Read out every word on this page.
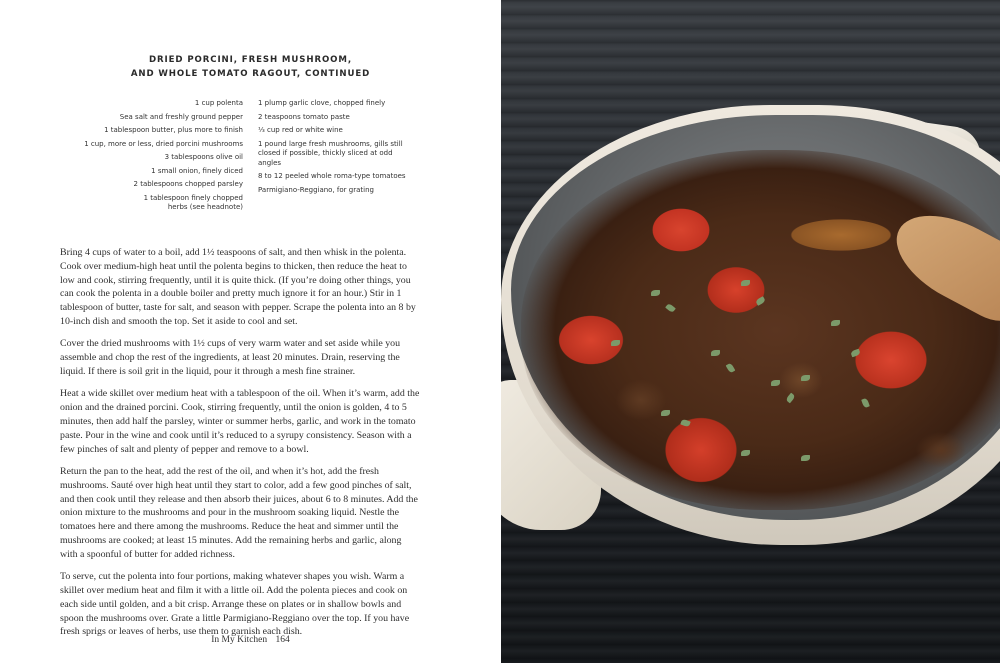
DRIED PORCINI, FRESH MUSHROOM,
AND WHOLE TOMATO RAGOUT, CONTINUED
1 cup polenta
Sea salt and freshly ground pepper
1 tablespoon butter, plus more to finish
1 cup, more or less, dried porcini mushrooms
3 tablespoons olive oil
1 small onion, finely diced
2 tablespoons chopped parsley
1 tablespoon finely chopped herbs (see headnote)
1 plump garlic clove, chopped finely
2 teaspoons tomato paste
⅓ cup red or white wine
1 pound large fresh mushrooms, gills still closed if possible, thickly sliced at odd angles
8 to 12 peeled whole roma-type tomatoes
Parmigiano-Reggiano, for grating

Bring 4 cups of water to a boil, add 1½ teaspoons of salt, and then whisk in the polenta. Cook over medium-high heat until the polenta begins to thicken, then reduce the heat to low and cook, stirring frequently, until it is quite thick. (If you’re doing other things, you can cook the polenta in a double boiler and pretty much ignore it for an hour.) Stir in 1 tablespoon of butter, taste for salt, and season with pepper. Scrape the polenta into an 8 by 10-inch dish and smooth the top. Set it aside to cool and set.

Cover the dried mushrooms with 1½ cups of very warm water and set aside while you assemble and chop the rest of the ingredients, at least 20 minutes. Drain, reserving the liquid. If there is soil grit in the liquid, pour it through a mesh fine strainer.

Heat a wide skillet over medium heat with a tablespoon of the oil. When it’s warm, add the onion and the drained porcini. Cook, stirring frequently, until the onion is golden, 4 to 5 minutes, then add half the parsley, winter or summer herbs, garlic, and work in the tomato paste. Pour in the wine and cook until it’s reduced to a syrupy consistency. Season with a few pinches of salt and plenty of pepper and remove to a bowl.

Return the pan to the heat, add the rest of the oil, and when it’s hot, add the fresh mushrooms. Sauté over high heat until they start to color, add a few good pinches of salt, and then cook until they release and then absorb their juices, about 6 to 8 minutes. Add the onion mixture to the mushrooms and pour in the mushroom soaking liquid. Nestle the tomatoes here and there among the mushrooms. Reduce the heat and simmer until the mushrooms are cooked; at least 15 minutes. Add the remaining herbs and garlic, along with a spoonful of butter for added richness.

To serve, cut the polenta into four portions, making whatever shapes you wish. Warm a skillet over medium heat and film it with a little oil. Add the polenta pieces and cook on each side until golden, and a bit crisp. Arrange these on plates or in shallow bowls and spoon the mushrooms over. Grate a little Parmigiano-Reggiano over the top. If you have fresh sprigs or leaves of herbs, use them to garnish each dish.

In My Kitchen 164
